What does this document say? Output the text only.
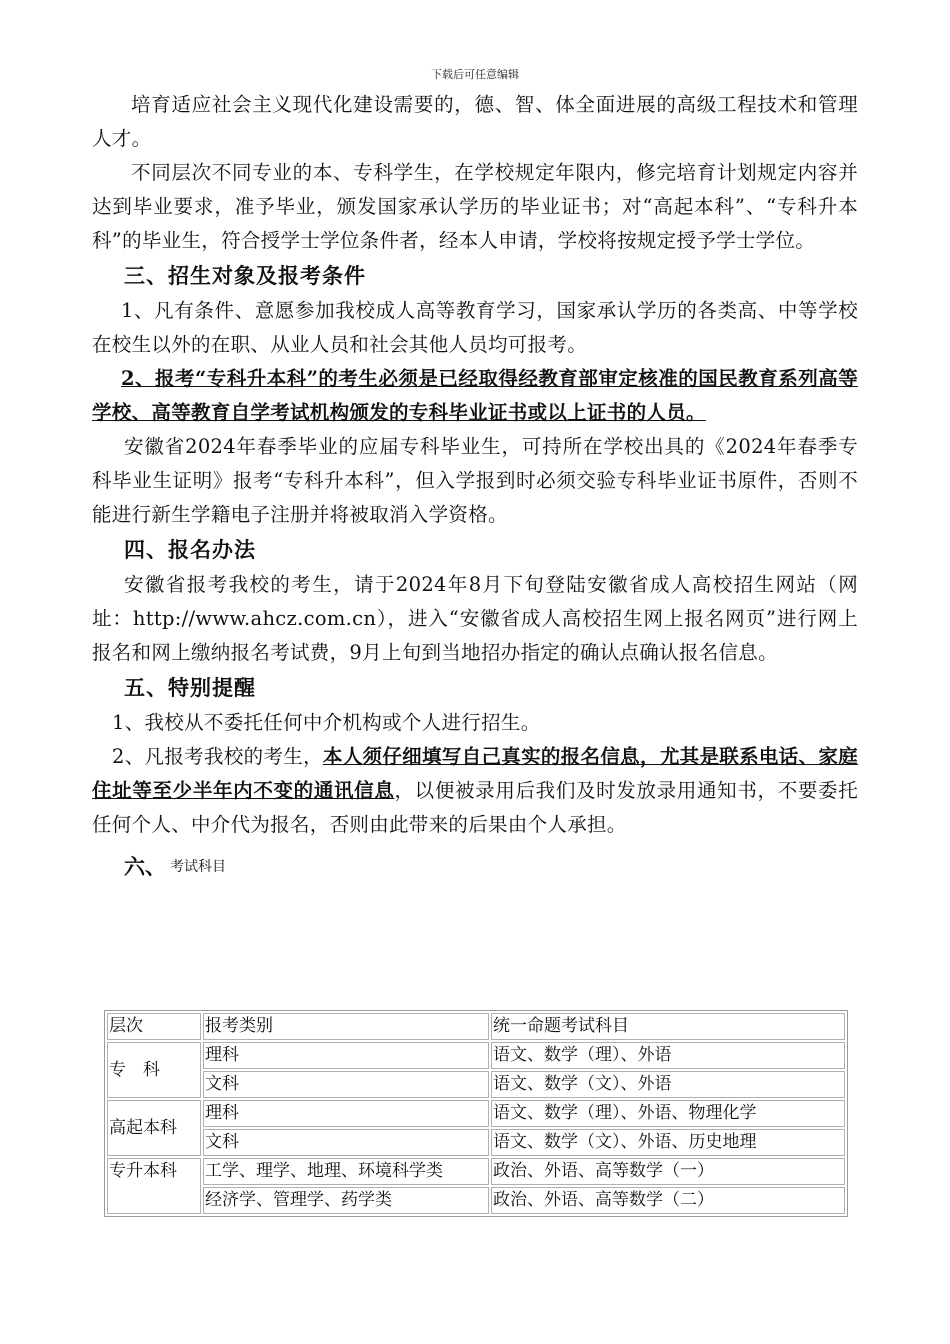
下载后可任意编辑

培育适应社会主义现代化建设需要的，德、智、体全面进展的高级工程技术和管理人才。

不同层次不同专业的本、专科学生，在学校规定年限内，修完培育计划规定内容并达到毕业要求，准予毕业，颁发国家承认学历的毕业证书；对“高起本科”、“专科升本科”的毕业生，符合授学士学位条件者，经本人申请，学校将按规定授予学士学位。

三、招生对象及报考条件

1、凡有条件、意愿参加我校成人高等教育学习，国家承认学历的各类高、中等学校在校生以外的在职、从业人员和社会其他人员均可报考。

2、报考“专科升本科”的考生必须是已经取得经教育部审定核准的国民教育系列高等学校、高等教育自学考试机构颁发的专科毕业证书或以上证书的人员。

安徽省2024年春季毕业的应届专科毕业生，可持所在学校出具的《2024年春季专科毕业生证明》报考“专科升本科”，但入学报到时必须交验专科毕业证书原件，否则不能进行新生学籍电子注册并将被取消入学资格。

四、报名办法

安徽省报考我校的考生，请于2024年8月下旬登陆安徽省成人高校招生网站（网址：http://www.ahcz.com.cn），进入“安徽省成人高校招生网上报名网页”进行网上报名和网上缴纳报名考试费，9月上旬到当地招办指定的确认点确认报名信息。

五、特别提醒

1、我校从不委托任何中介机构或个人进行招生。

2、凡报考我校的考生，本人须仔细填写自己真实的报名信息，尤其是联系电话、家庭住址等至少半年内不变的通讯信息，以便被录用后我们及时发放录用通知书，不要委托任何个人、中介代为报名，否则由此带来的后果由个人承担。

六、 考试科目
层次	报考类别	统一命题考试科目
专　科	理科	语文、数学（理）、外语
	文科	语文、数学（文）、外语
高起本科	理科	语文、数学（理）、外语、物理化学
	文科	语文、数学（文）、外语、历史地理
专升本科	工学、理学、地理、环境科学类	政治、外语、高等数学（一）
	经济学、管理学、药学类	政治、外语、高等数学（二）
